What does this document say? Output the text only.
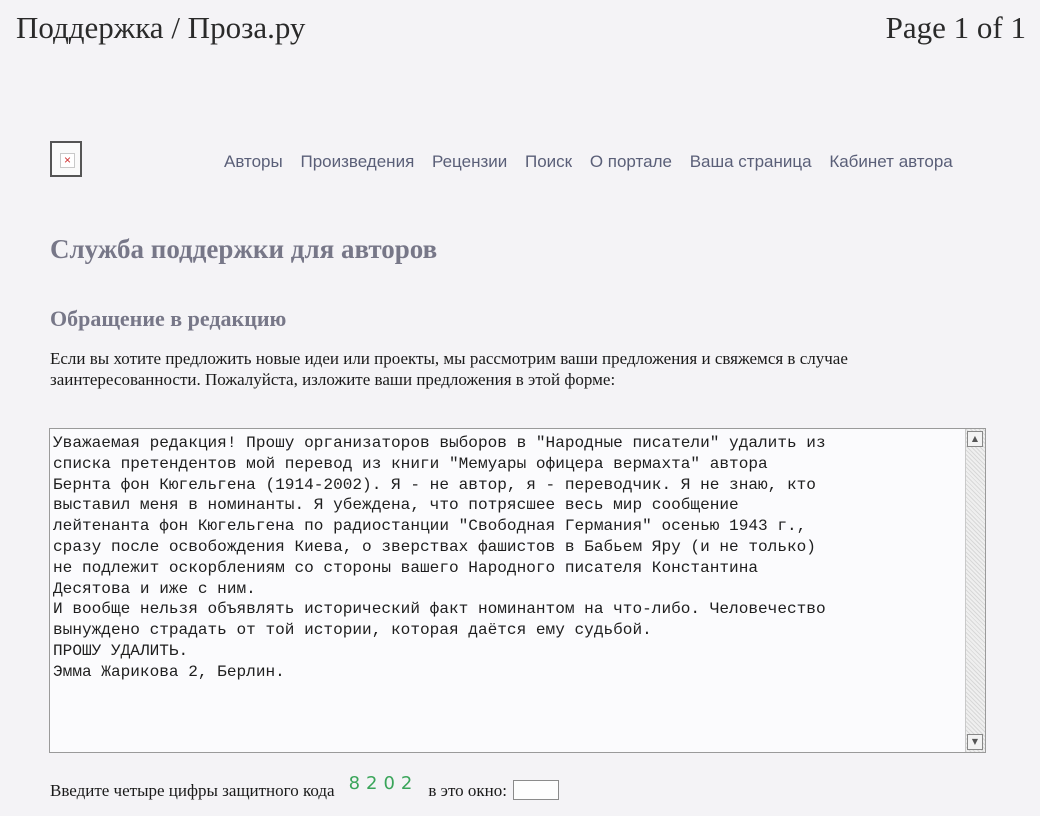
Поддержка / Проза.ру	Page 1 of 1
×	Авторы Произведения Рецензии Поиск О портале Ваша страница Кабинет автора
Служба поддержки для авторов
Обращение в редакцию
Если вы хотите предложить новые идеи или проекты, мы рассмотрим ваши предложения и свяжемся в случае заинтересованности. Пожалуйста, изложите ваши предложения в этой форме:
Уважаемая редакция! Прошу организаторов выборов в "Народные писатели" удалить из
списка претендентов мой перевод из книги "Мемуары офицера вермахта" автора
Бернта фон Кюгельгена (1914-2002). Я - не автор, я - переводчик. Я не знаю, кто
выставил меня в номинанты. Я убеждена, что потрясшее весь мир сообщение
лейтенанта фон Кюгельгена по радиостанции "Свободная Германия" осенью 1943 г.,
сразу после освобождения Киева, о зверствах фашистов в Бабьем Яру (и не только)
не подлежит оскорблениям со стороны вашего Народного писателя Константина
Десятова и иже с ним.
И вообще нельзя объявлять исторический факт номинантом на что-либо. Человечество
вынуждено страдать от той истории, которая даётся ему судьбой.
ПРОШУ УДАЛИТЬ.
Эмма Жарикова 2, Берлин.
▲
▼
Введите четыре цифры защитного кода 8202 в это окно:
